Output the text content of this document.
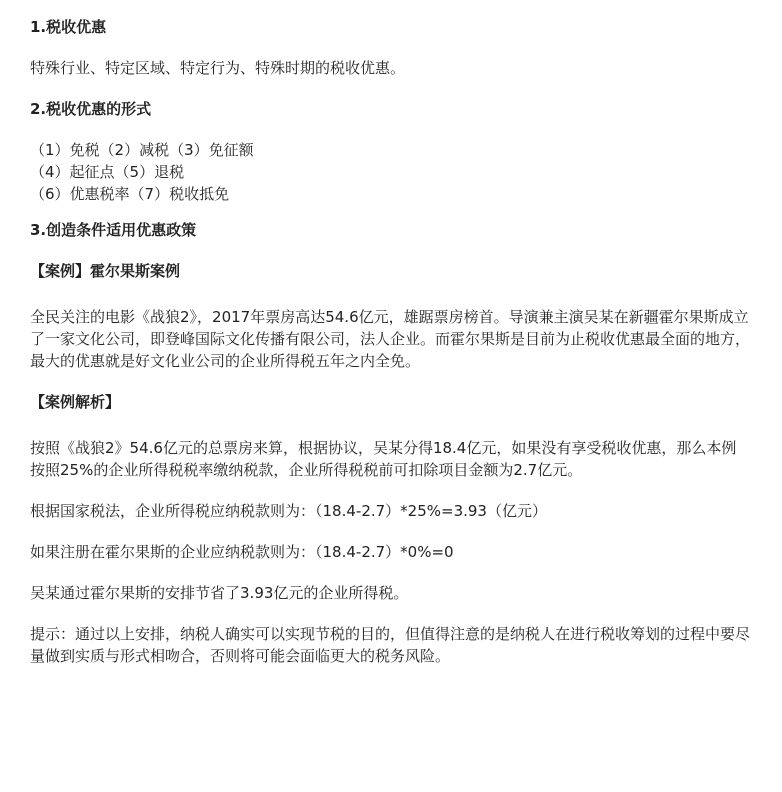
1.税收优惠

特殊行业、特定区域、特定行为、特殊时期的税收优惠。

2.税收优惠的形式

（1）免税（2）减税（3）免征额

（4）起征点（5）退税

（6）优惠税率（7）税收抵免

3.创造条件适用优惠政策

【案例】霍尔果斯案例

全民关注的电影《战狼2》，2017年票房高达54.6亿元，雄踞票房榜首。导演兼主演吴某在新疆霍尔果斯成立了一家文化公司，即登峰国际文化传播有限公司，法人企业。而霍尔果斯是目前为止税收优惠最全面的地方，最大的优惠就是好文化业公司的企业所得税五年之内全免。

【案例解析】

按照《战狼2》54.6亿元的总票房来算，根据协议，吴某分得18.4亿元，如果没有享受税收优惠，那么本例按照25%的企业所得税税率缴纳税款，企业所得税税前可扣除项目金额为2.7亿元。

根据国家税法，企业所得税应纳税款则为：（18.4-2.7）*25%=3.93（亿元）

如果注册在霍尔果斯的企业应纳税款则为：（18.4-2.7）*0%=0

吴某通过霍尔果斯的安排节省了3.93亿元的企业所得税。

提示：通过以上安排，纳税人确实可以实现节税的目的，但值得注意的是纳税人在进行税收筹划的过程中要尽量做到实质与形式相吻合，否则将可能会面临更大的税务风险。
